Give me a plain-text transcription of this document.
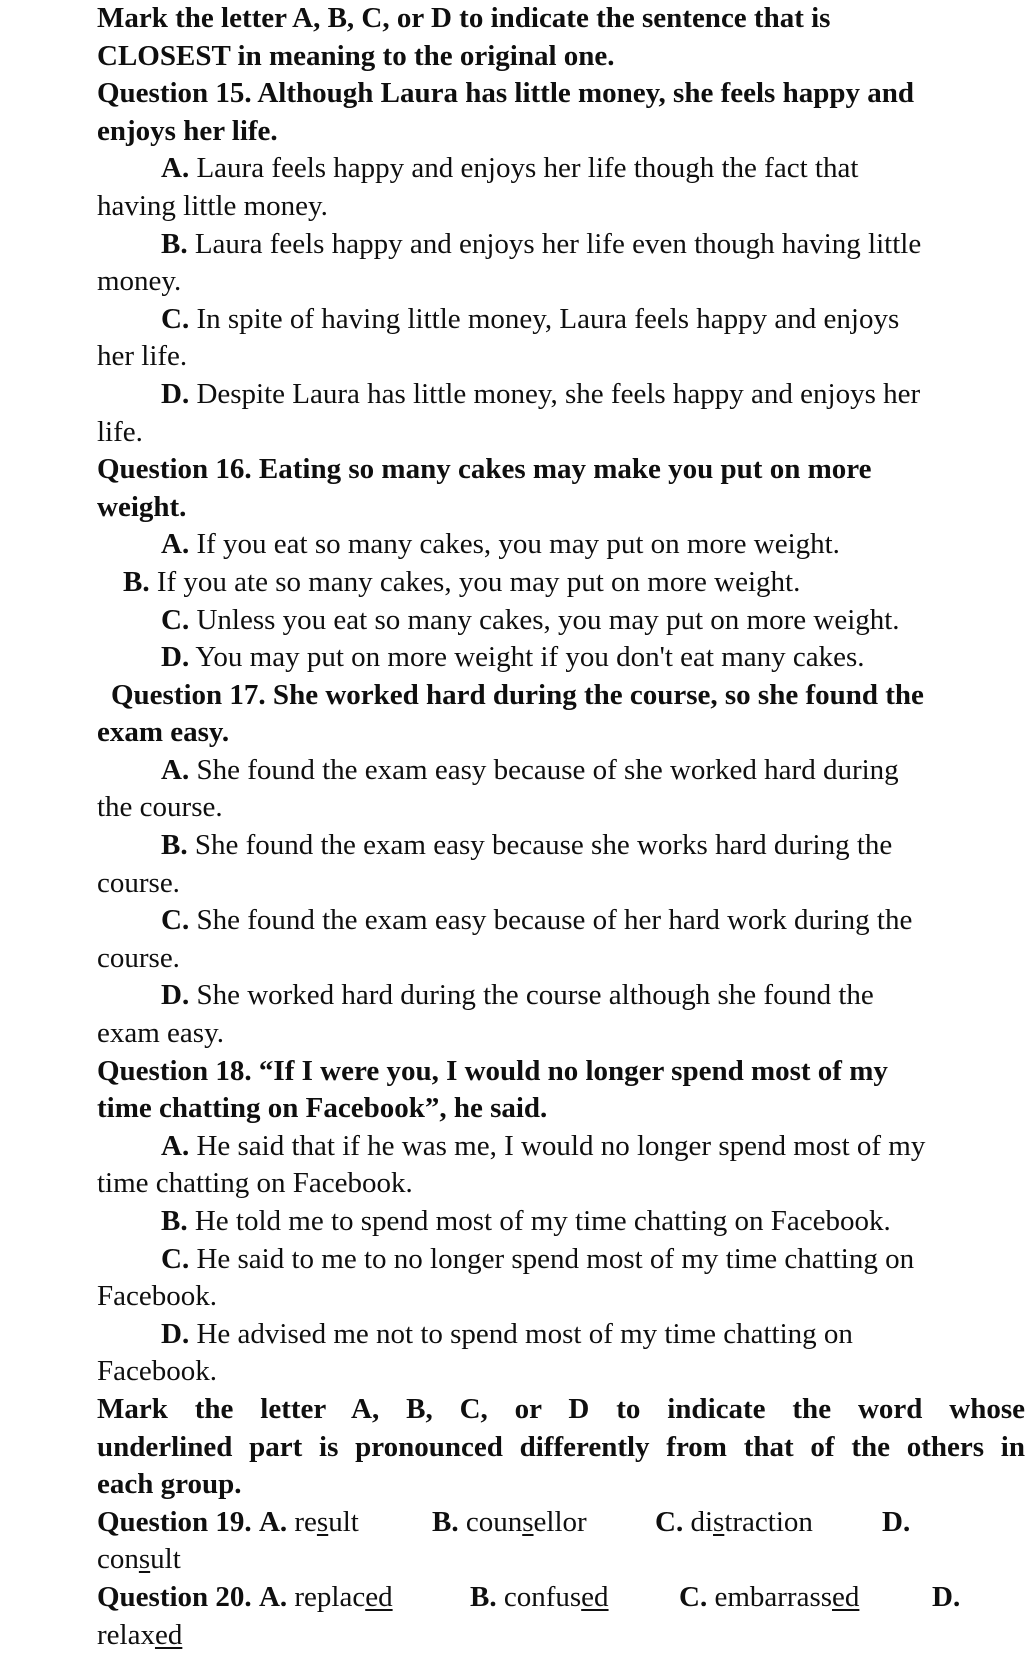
Mark the letter A, B, C, or D to indicate the sentence that is

CLOSEST in meaning to the original one.

Question 15. Although Laura has little money, she feels happy and

enjoys her life.

A. Laura feels happy and enjoys her life though the fact that

having little money.

B. Laura feels happy and enjoys her life even though having little

money.

C. In spite of having little money, Laura feels happy and enjoys

her life.

D. Despite Laura has little money, she feels happy and enjoys her

life.

Question 16. Eating so many cakes may make you put on more

weight.

A. If you eat so many cakes, you may put on more weight.

B. If you ate so many cakes, you may put on more weight.

C. Unless you eat so many cakes, you may put on more weight.

D. You may put on more weight if you don't eat many cakes.

Question 17. She worked hard during the course, so she found the

exam easy.

A. She found the exam easy because of she worked hard during

the course.

B. She found the exam easy because she works hard during the

course.

C. She found the exam easy because of her hard work during the

course.

D. She worked hard during the course although she found the

exam easy.

Question 18. “If I were you, I would no longer spend most of my

time chatting on Facebook”, he said.

A. He said that if he was me, I would no longer spend most of my

time chatting on Facebook.

B. He told me to spend most of my time chatting on Facebook.

C. He said to me to no longer spend most of my time chatting on

Facebook.

D. He advised me not to spend most of my time chatting on

Facebook.

Mark the letter A, B, C, or D to indicate the word whose

underlined part is pronounced differently from that of the others in

each group.

Question 19. A. result	B. counsellor	C. distraction	D.

consult

Question 20. A. replaced	B. confused	C. embarrassed	D.

relaxed
